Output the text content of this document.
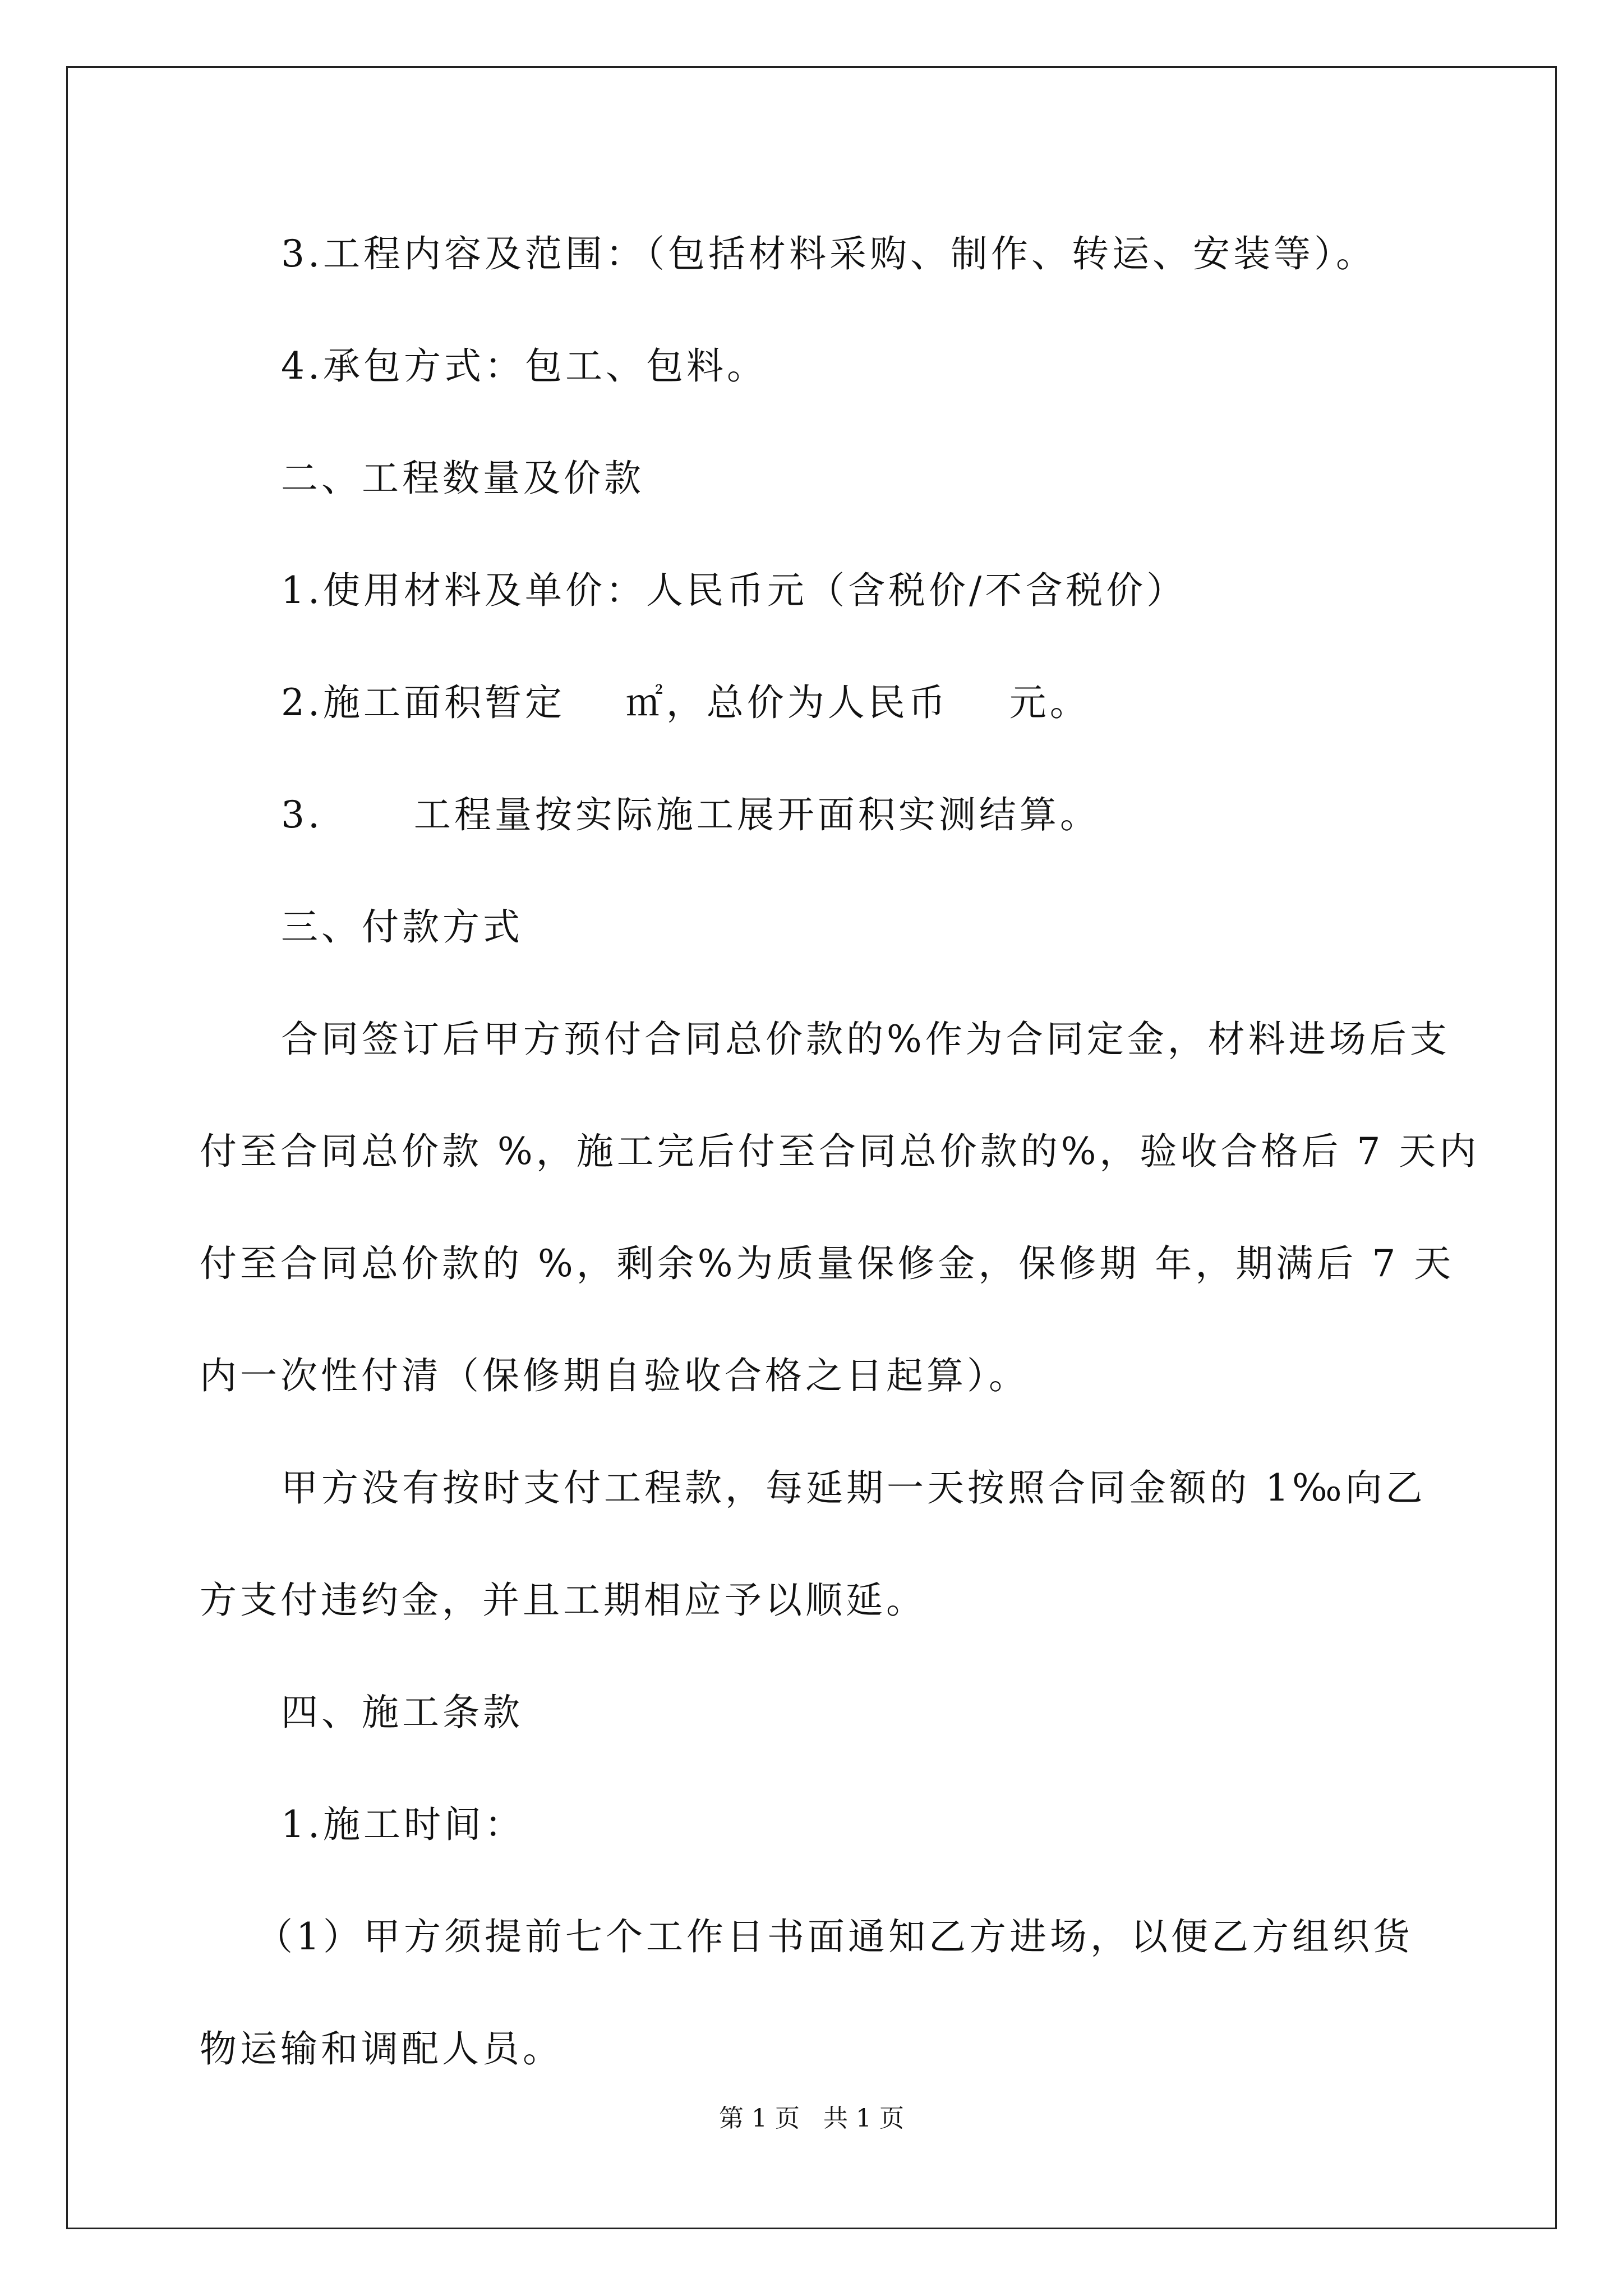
3.工程内容及范围：（包括材料采购、制作、转运、安装等）。
4.承包方式：包工、包料。
二、工程数量及价款
1.使用材料及单价：人民币元（含税价/不含税价）
2.施工面积暂定    ㎡，总价为人民币    元。
3.      工程量按实际施工展开面积实测结算。
三、付款方式
合同签订后甲方预付合同总价款的%作为合同定金，材料进场后支
付至合同总价款 %，施工完后付至合同总价款的%，验收合格后 7 天内
付至合同总价款的 %，剩余%为质量保修金，保修期 年，期满后 7 天
内一次性付清（保修期自验收合格之日起算）。
甲方没有按时支付工程款，每延期一天按照合同金额的 1‰向乙
方支付违约金，并且工期相应予以顺延。
四、施工条款
1.施工时间：
（1）甲方须提前七个工作日书面通知乙方进场，以便乙方组织货
物运输和调配人员。
第 1 页   共 1 页
